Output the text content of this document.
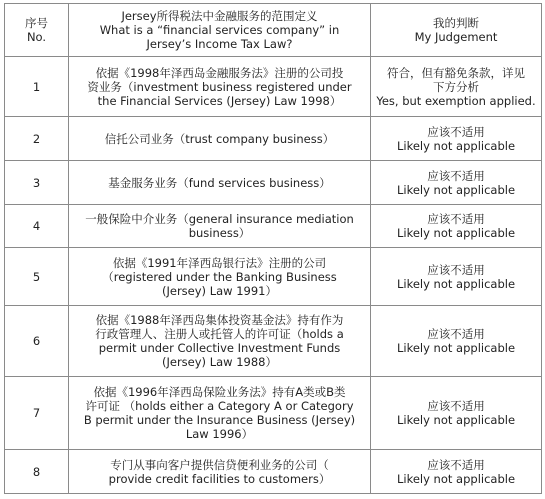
序号
No.	Jersey所得税法中金融服务的范围定义
What is a “financial services company” in
Jersey’s Income Tax Law?	我的判断
My Judgement

1	依据《1998年泽西岛金融服务法》注册的公司投
资业务（investment business registered under
the Financial Services (Jersey) Law 1998）	符合，但有豁免条款，详见
下方分析
Yes, but exemption applied.

2	信托公司业务（trust company business）	应该不适用
Likely not applicable

3	基金服务业务（fund services business）	应该不适用
Likely not applicable

4	一般保险中介业务（general insurance mediation
business）	应该不适用
Likely not applicable

5	依据《1991年泽西岛银行法》注册的公司
（registered under the Banking Business
(Jersey) Law 1991）	应该不适用
Likely not applicable

6	依据《1988年泽西岛集体投资基金法》持有作为
行政管理人、注册人或托管人的许可证（holds a
permit under Collective Investment Funds
(Jersey) Law 1988）	应该不适用
Likely not applicable

7	依据《1996年泽西岛保险业务法》持有A类或B类
许可证 （holds either a Category A or Category
B permit under the Insurance Business (Jersey)
Law 1996）	应该不适用
Likely not applicable

8	专门从事向客户提供信贷便利业务的公司（
provide credit facilities to customers）	应该不适用
Likely not applicable
